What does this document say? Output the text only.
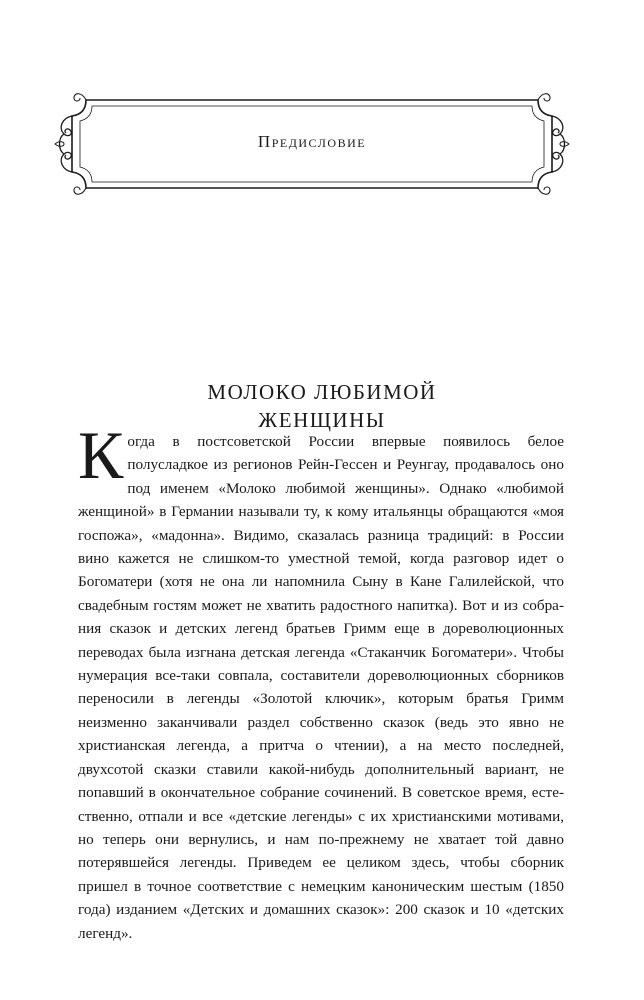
Предисловие
МОЛОКО ЛЮБИМОЙ
ЖЕНЩИНЫ
Когда в постсоветской России впервые появилось белое полусладкое из регионов Рейн-Гессен и Реунгау, продавалось оно под именем «Молоко любимой женщины». Однако «любимой женщиной» в Германии называли ту, к кому итальянцы обращаются «моя госпожа», «мадонна». Видимо, сказалась разница традиций: в России вино кажется не слишком-то уместной темой, когда разговор идет о Богоматери (хотя не она ли напомнила Сыну в Кане Галилейской, что свадебным гостям может не хватить радостного напитка). Вот и из собрания сказок и детских легенд братьев Гримм еще в дореволюционных переводах была изгнана детская легенда «Стаканчик Богоматери». Чтобы нумерация все-таки совпала, составители дореволюционных сборников переносили в легенды «Золотой ключик», которым братья Гримм неизменно заканчивали раздел собственно сказок (ведь это явно не христианская легенда, а притча о чтении), а на место последней, двухсотой сказки ставили какой-нибудь дополнительный вариант, не попавший в окончательное собрание сочинений. В советское время, естественно, отпали и все «детские легенды» с их христианскими мотивами, но теперь они вернулись, и нам по-прежнему не хватает той давно потерявшейся легенды. Приведем ее целиком здесь, чтобы сборник пришел в точное соответствие с немецким каноническим шестым (1850 года) изданием «Детских и домашних сказок»: 200 сказок и 10 «детских легенд».
